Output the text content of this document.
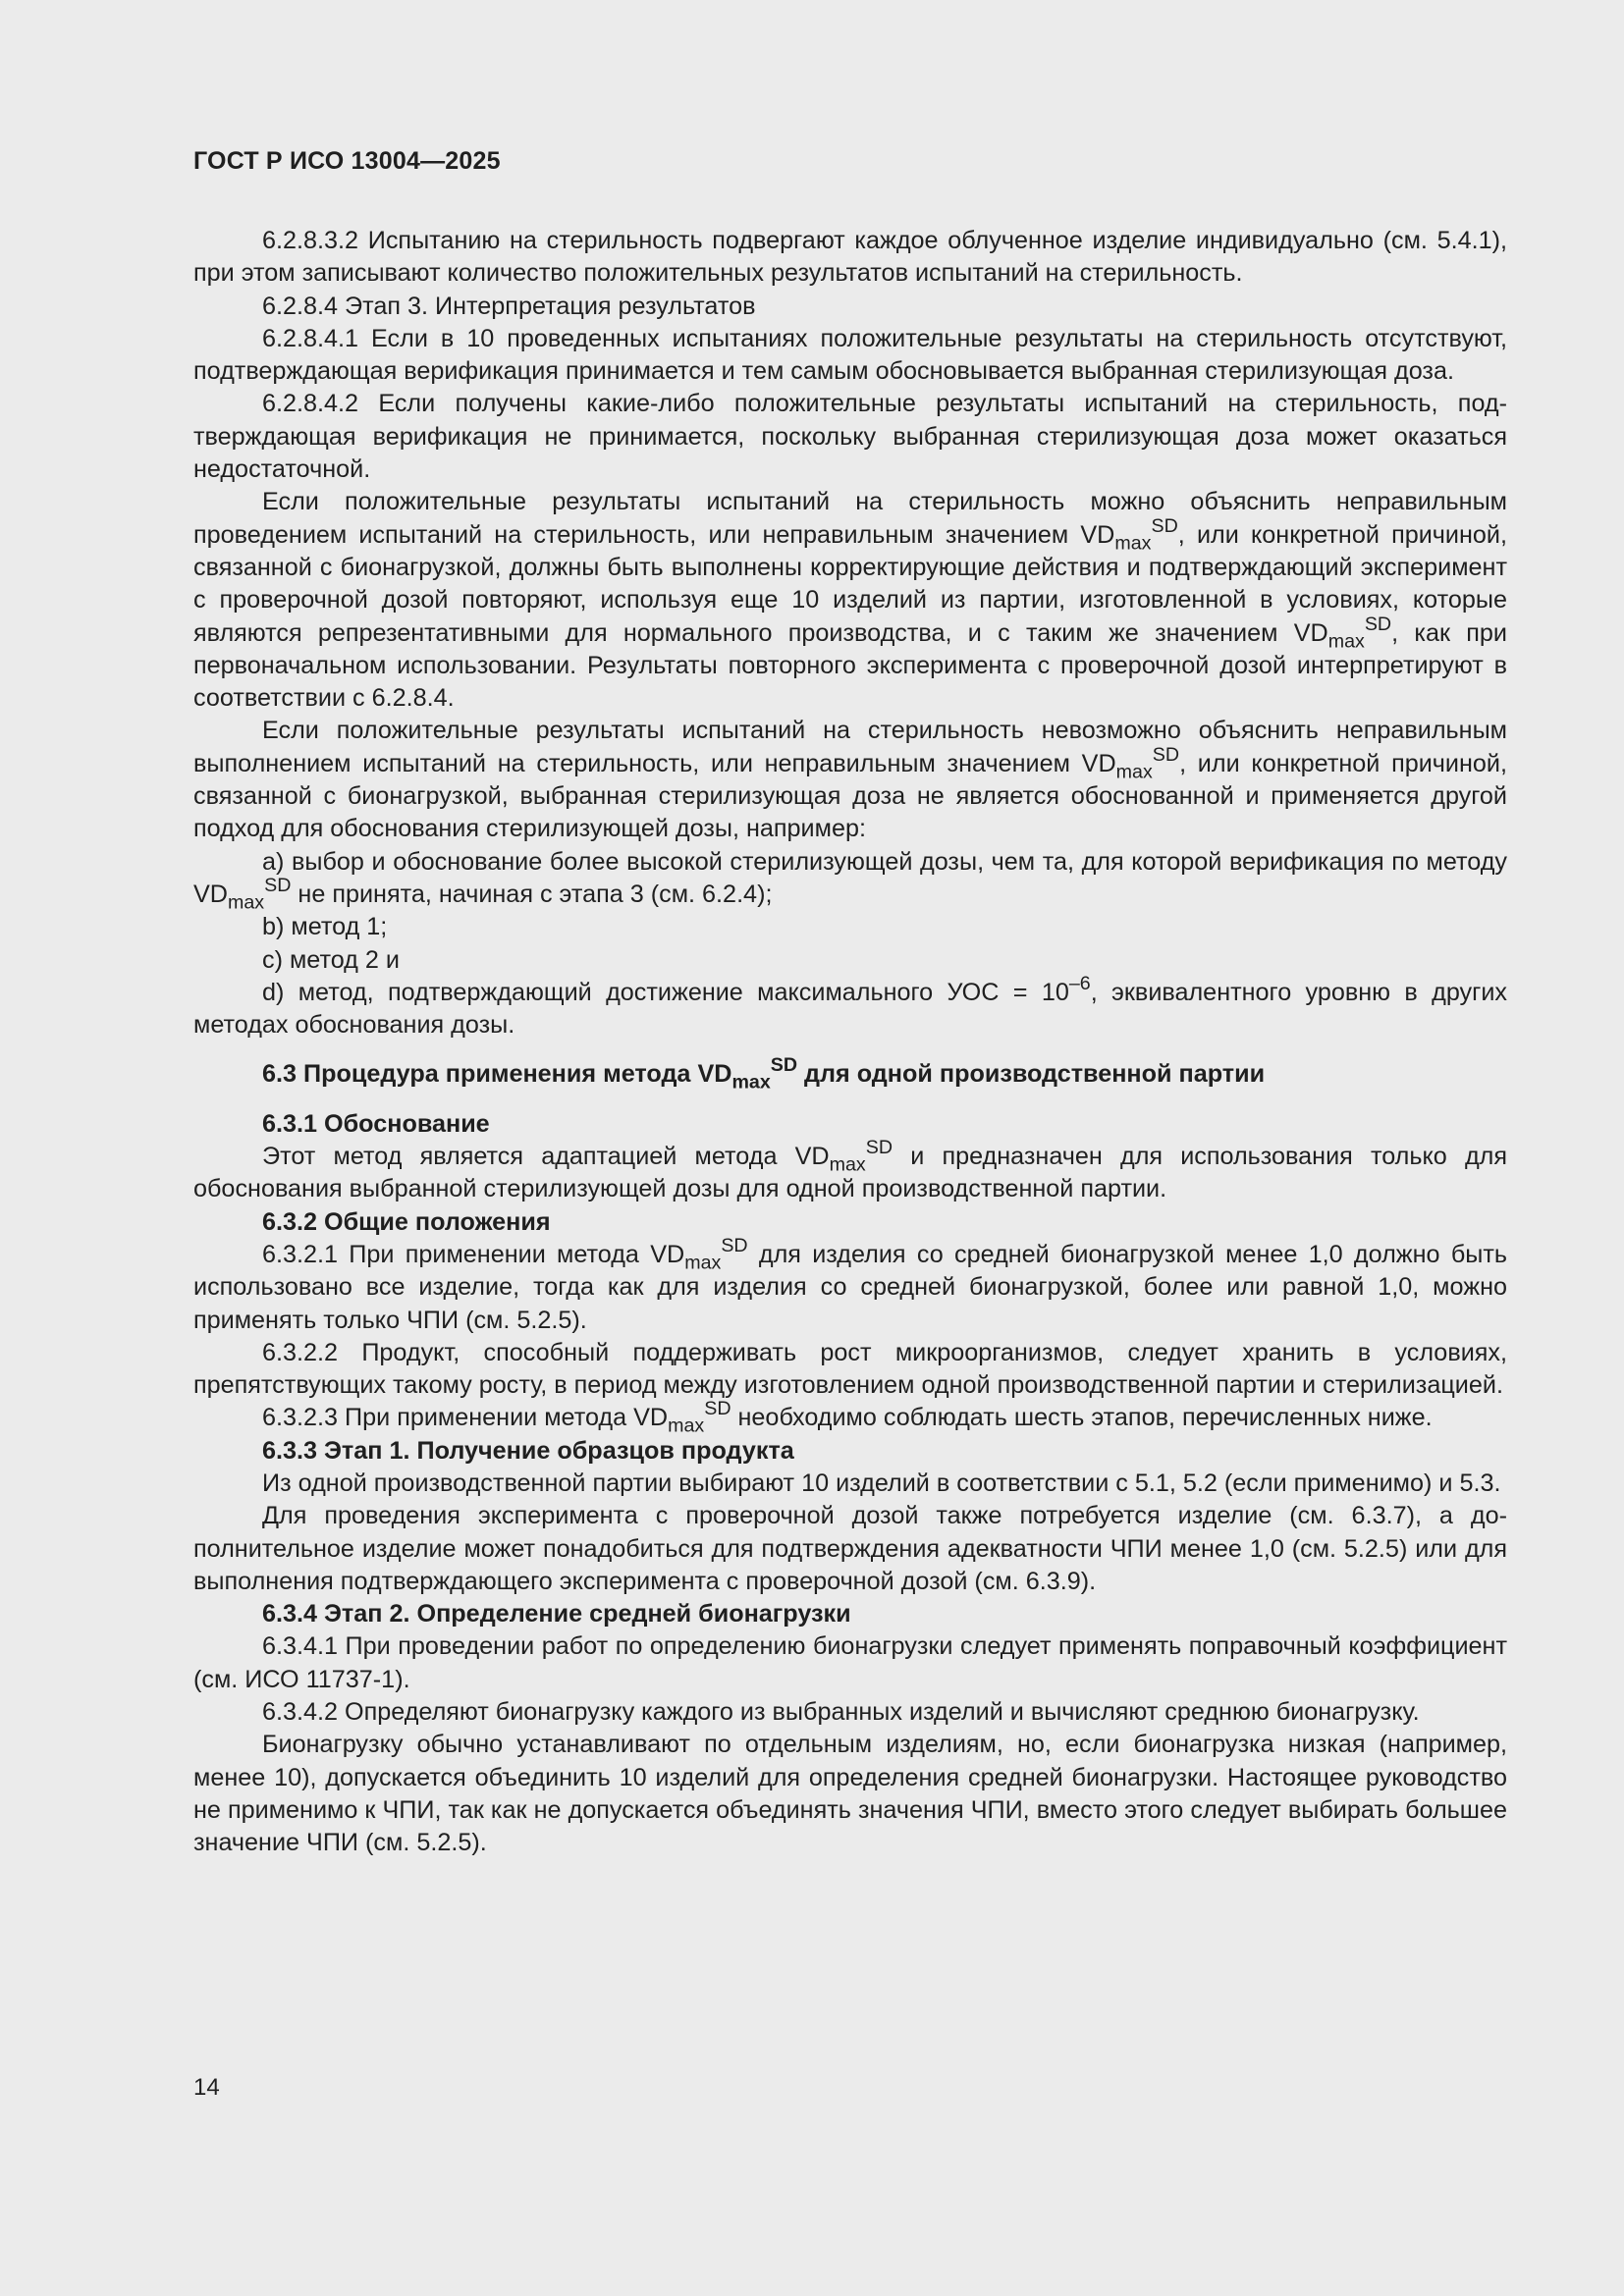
ГОСТ Р ИСО 13004—2025

6.2.8.3.2 Испытанию на стерильность подвергают каждое облученное изделие индивидуально (см. 5.4.1), при этом записывают количество положительных результатов испытаний на стерильность.

6.2.8.4 Этап 3. Интерпретация результатов

6.2.8.4.1 Если в 10 проведенных испытаниях положительные результаты на стерильность отсутствуют, подтверждающая верификация принимается и тем самым обосновывается выбранная стерилизующая доза.

6.2.8.4.2 Если получены какие-либо положительные результаты испытаний на стерильность, подтверждающая верификация не принимается, поскольку выбранная стерилизующая доза может оказаться недостаточной.

Если положительные результаты испытаний на стерильность можно объяснить неправильным проведением испытаний на стерильность, или неправильным значением $VD_{max}^{SD}$, или конкретной причиной, связанной с бионагрузкой, должны быть выполнены корректирующие действия и подтверждающий эксперимент с проверочной дозой повторяют, используя еще 10 изделий из партии, изготовленной в условиях, которые являются репрезентативными для нормального производства, и с таким же значением $VD_{max}^{SD}$, как при первоначальном использовании. Результаты повторного эксперимента с проверочной дозой интерпретируют в соответствии с 6.2.8.4.

Если положительные результаты испытаний на стерильность невозможно объяснить неправильным выполнением испытаний на стерильность, или неправильным значением $VD_{max}^{SD}$, или конкретной причиной, связанной с бионагрузкой, выбранная стерилизующая доза не является обоснованной и применяется другой подход для обоснования стерилизующей дозы, например:

a) выбор и обоснование более высокой стерилизующей дозы, чем та, для которой верификация по методу $VD_{max}^{SD}$ не принята, начиная с этапа 3 (см. 6.2.4);

b) метод 1;

c) метод 2 и

d) метод, подтверждающий достижение максимального УОС = $10^{-6}$, эквивалентного уровню в других методах обоснования дозы.

6.3 Процедура применения метода $VD_{max}^{SD}$ для одной производственной партии

6.3.1 Обоснование

Этот метод является адаптацией метода $VD_{max}^{SD}$ и предназначен для использования только для обоснования выбранной стерилизующей дозы для одной производственной партии.

6.3.2 Общие положения

6.3.2.1 При применении метода $VD_{max}^{SD}$ для изделия со средней бионагрузкой менее 1,0 должно быть использовано все изделие, тогда как для изделия со средней бионагрузкой, более или равной 1,0, можно применять только ЧПИ (см. 5.2.5).

6.3.2.2 Продукт, способный поддерживать рост микроорганизмов, следует хранить в условиях, препятствующих такому росту, в период между изготовлением одной производственной партии и стерилизацией.

6.3.2.3 При применении метода $VD_{max}^{SD}$ необходимо соблюдать шесть этапов, перечисленных ниже.

6.3.3 Этап 1. Получение образцов продукта

Из одной производственной партии выбирают 10 изделий в соответствии с 5.1, 5.2 (если применимо) и 5.3.

Для проведения эксперимента с проверочной дозой также потребуется изделие (см. 6.3.7), а дополнительное изделие может понадобиться для подтверждения адекватности ЧПИ менее 1,0 (см. 5.2.5) или для выполнения подтверждающего эксперимента с проверочной дозой (см. 6.3.9).

6.3.4 Этап 2. Определение средней бионагрузки

6.3.4.1 При проведении работ по определению бионагрузки следует применять поправочный коэффициент (см. ИСО 11737-1).

6.3.4.2 Определяют бионагрузку каждого из выбранных изделий и вычисляют среднюю бионагрузку.

Бионагрузку обычно устанавливают по отдельным изделиям, но, если бионагрузка низкая (например, менее 10), допускается объединить 10 изделий для определения средней бионагрузки. Настоящее руководство не применимо к ЧПИ, так как не допускается объединять значения ЧПИ, вместо этого следует выбирать большее значение ЧПИ (см. 5.2.5).

14
